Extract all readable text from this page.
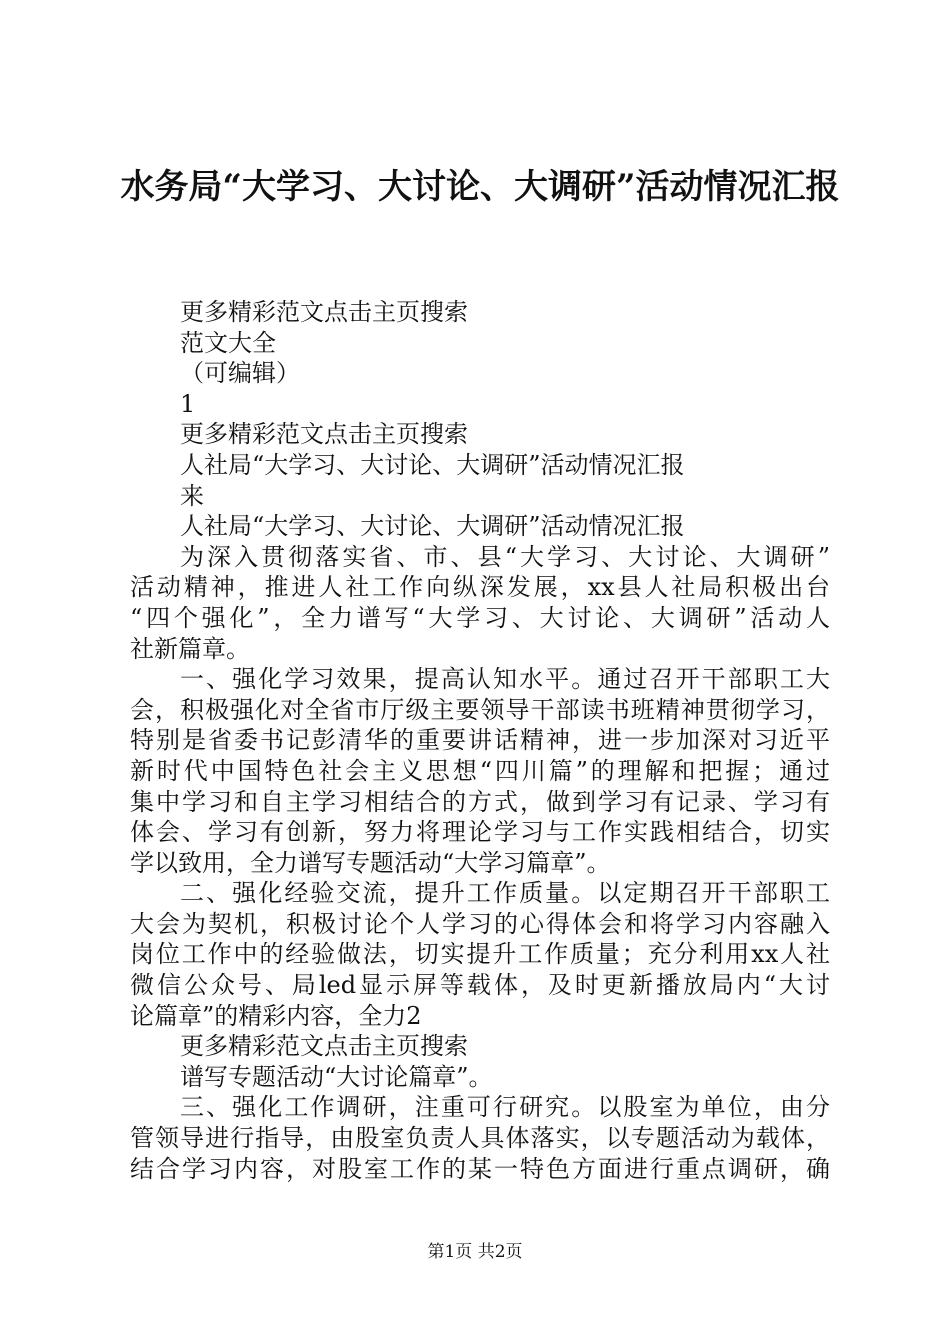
水务局“大学习、大讨论、大调研”活动情况汇报
更多精彩范文点击主页搜索
范文大全
（可编辑）
1
更多精彩范文点击主页搜索
人社局“大学习、大讨论、大调研”活动情况汇报
来
人社局“大学习、大讨论、大调研”活动情况汇报
为深入贯彻落实省、市、县“大学习、大讨论、大调研”
活动精神，推进人社工作向纵深发展，xx县人社局积极出台
“四个强化”，全力谱写“大学习、大讨论、大调研”活动人
社新篇章。
一、强化学习效果，提高认知水平。通过召开干部职工大
会，积极强化对全省市厅级主要领导干部读书班精神贯彻学习，
特别是省委书记彭清华的重要讲话精神，进一步加深对习近平
新时代中国特色社会主义思想“四川篇”的理解和把握；通过
集中学习和自主学习相结合的方式，做到学习有记录、学习有
体会、学习有创新，努力将理论学习与工作实践相结合，切实
学以致用，全力谱写专题活动“大学习篇章”。
二、强化经验交流，提升工作质量。以定期召开干部职工
大会为契机，积极讨论个人学习的心得体会和将学习内容融入
岗位工作中的经验做法，切实提升工作质量；充分利用xx人社
微信公众号、局led显示屏等载体，及时更新播放局内“大讨
论篇章”的精彩内容，全力2
更多精彩范文点击主页搜索
谱写专题活动“大讨论篇章”。
三、强化工作调研，注重可行研究。以股室为单位，由分
管领导进行指导，由股室负责人具体落实，以专题活动为载体，
结合学习内容，对股室工作的某一特色方面进行重点调研，确
第1页 共2页
